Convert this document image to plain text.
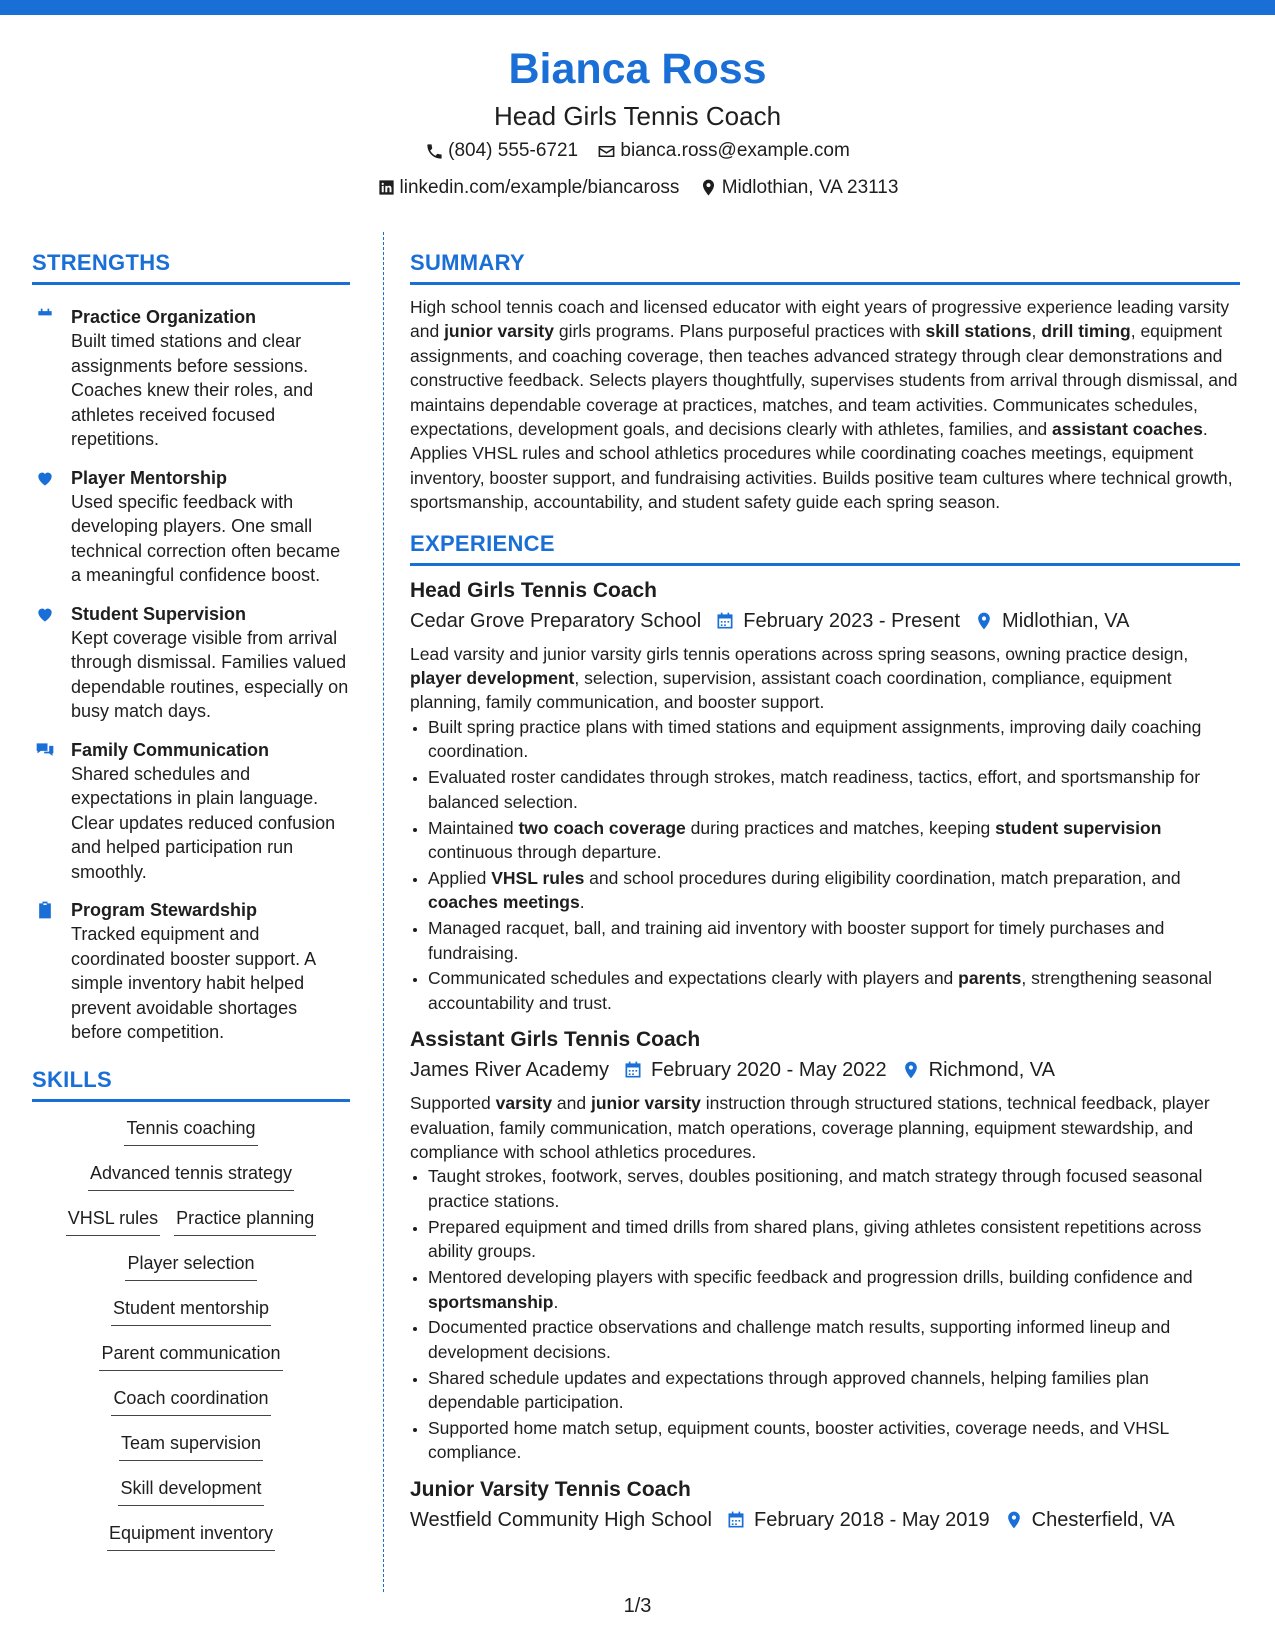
Bianca Ross
Head Girls Tennis Coach
(804) 555-6721
bianca.ross@example.com
linkedin.com/example/biancaross
Midlothian, VA 23113
STRENGTHS
Practice Organization
Built timed stations and clear assignments before sessions. Coaches knew their roles, and athletes received focused repetitions.
Player Mentorship
Used specific feedback with developing players. One small technical correction often became a meaningful confidence boost.
Student Supervision
Kept coverage visible from arrival through dismissal. Families valued dependable routines, especially on busy match days.
Family Communication
Shared schedules and expectations in plain language. Clear updates reduced confusion and helped participation run smoothly.
Program Stewardship
Tracked equipment and coordinated booster support. A simple inventory habit helped prevent avoidable shortages before competition.
SKILLS
Tennis coaching
Advanced tennis strategy
VHSL rules Practice planning
Player selection
Student mentorship
Parent communication
Coach coordination
Team supervision
Skill development
Equipment inventory
SUMMARY
High school tennis coach and licensed educator with eight years of progressive experience leading varsity and junior varsity girls programs. Plans purposeful practices with skill stations, drill timing, equipment assignments, and coaching coverage, then teaches advanced strategy through clear demonstrations and constructive feedback. Selects players thoughtfully, supervises students from arrival through dismissal, and maintains dependable coverage at practices, matches, and team activities. Communicates schedules, expectations, development goals, and decisions clearly with athletes, families, and assistant coaches. Applies VHSL rules and school athletics procedures while coordinating coaches meetings, equipment inventory, booster support, and fundraising activities. Builds positive team cultures where technical growth, sportsmanship, accountability, and student safety guide each spring season.
EXPERIENCE
Head Girls Tennis Coach
Cedar Grove Preparatory School February 2023 - Present Midlothian, VA
Lead varsity and junior varsity girls tennis operations across spring seasons, owning practice design, player development, selection, supervision, assistant coach coordination, compliance, equipment planning, family communication, and booster support.
• Built spring practice plans with timed stations and equipment assignments, improving daily coaching coordination.
• Evaluated roster candidates through strokes, match readiness, tactics, effort, and sportsmanship for balanced selection.
• Maintained two coach coverage during practices and matches, keeping student supervision continuous through departure.
• Applied VHSL rules and school procedures during eligibility coordination, match preparation, and coaches meetings.
• Managed racquet, ball, and training aid inventory with booster support for timely purchases and fundraising.
• Communicated schedules and expectations clearly with players and parents, strengthening seasonal accountability and trust.
Assistant Girls Tennis Coach
James River Academy February 2020 - May 2022 Richmond, VA
Supported varsity and junior varsity instruction through structured stations, technical feedback, player evaluation, family communication, match operations, coverage planning, equipment stewardship, and compliance with school athletics procedures.
• Taught strokes, footwork, serves, doubles positioning, and match strategy through focused seasonal practice stations.
• Prepared equipment and timed drills from shared plans, giving athletes consistent repetitions across ability groups.
• Mentored developing players with specific feedback and progression drills, building confidence and sportsmanship.
• Documented practice observations and challenge match results, supporting informed lineup and development decisions.
• Shared schedule updates and expectations through approved channels, helping families plan dependable participation.
• Supported home match setup, equipment counts, booster activities, coverage needs, and VHSL compliance.
Junior Varsity Tennis Coach
Westfield Community High School February 2018 - May 2019 Chesterfield, VA
1/3
